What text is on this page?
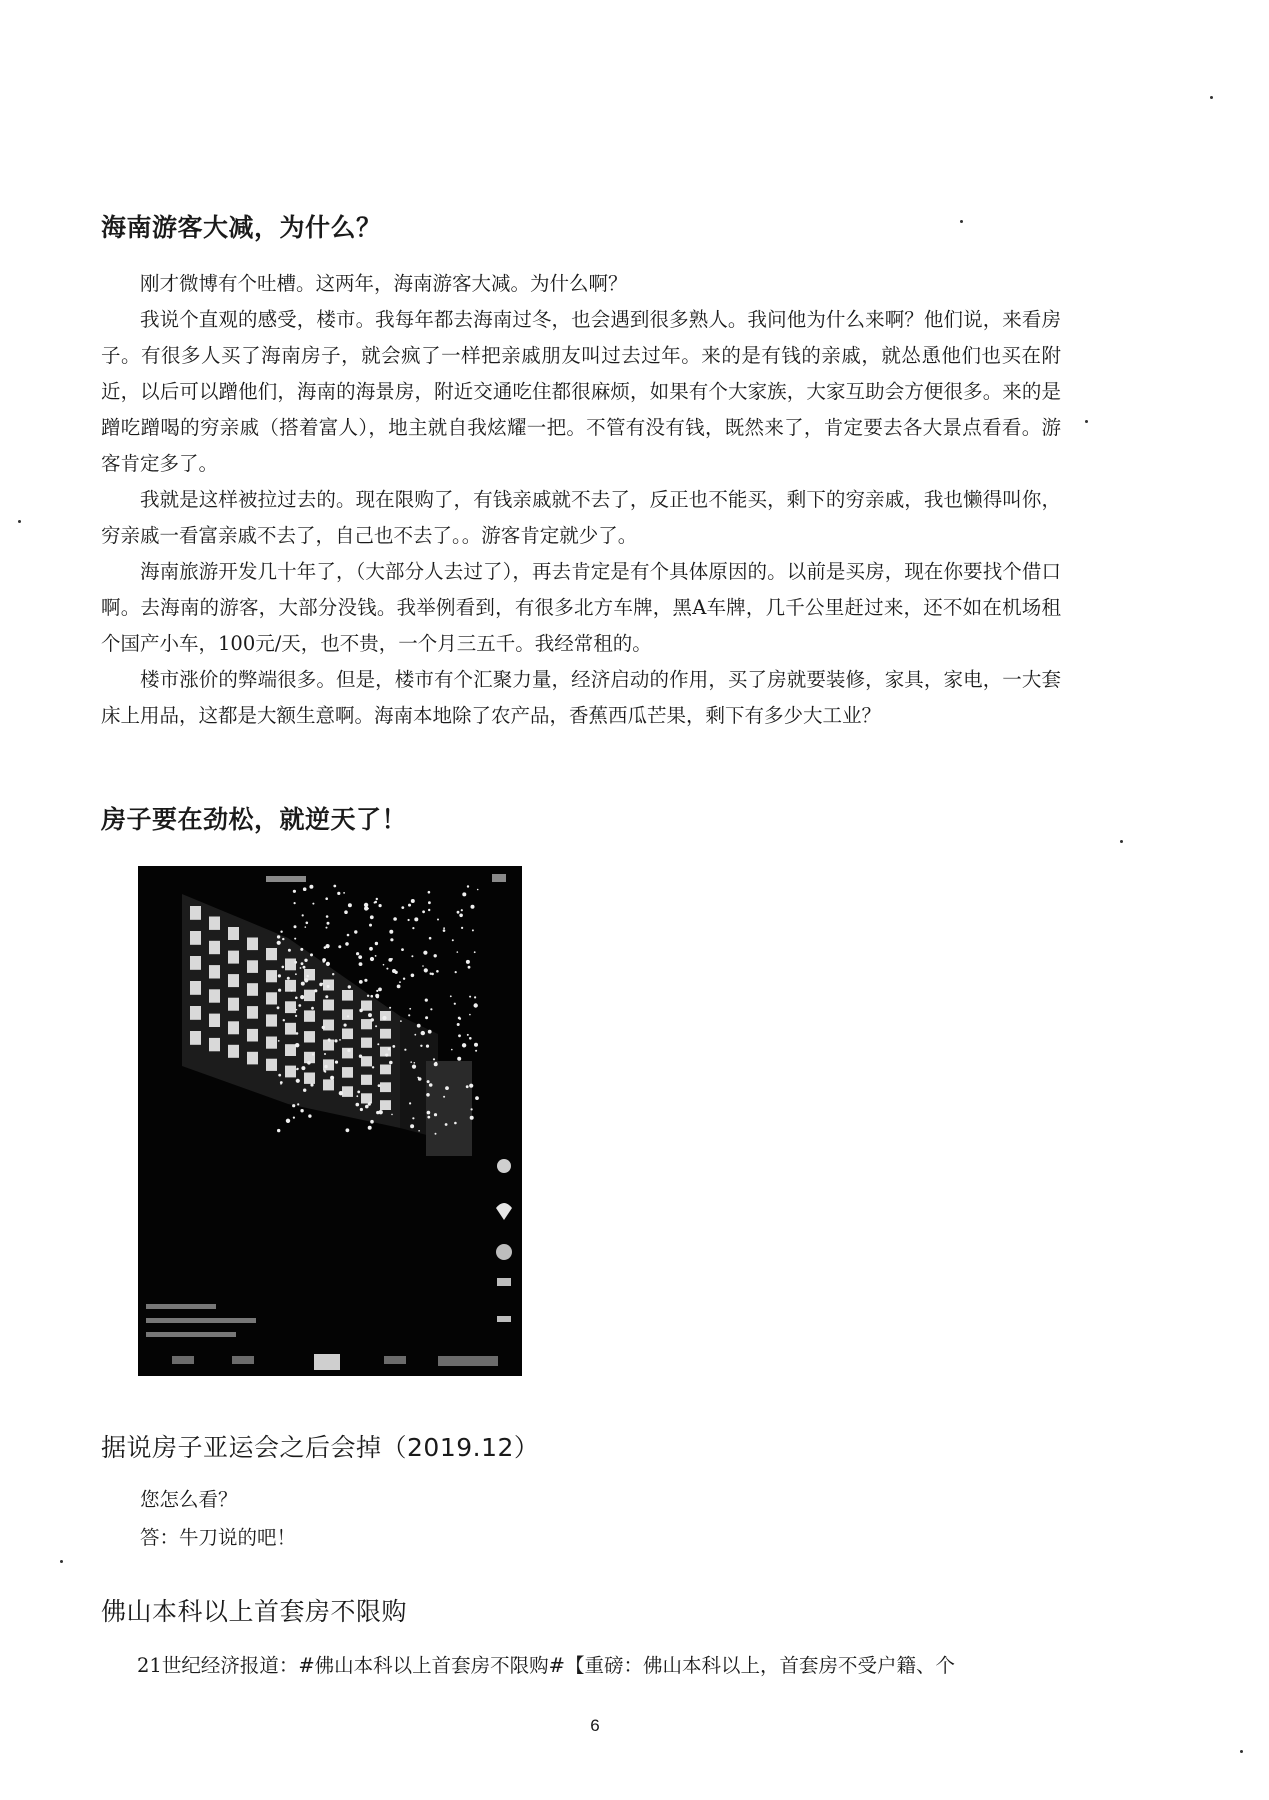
海南游客大减，为什么？

刚才微博有个吐槽。这两年，海南游客大减。为什么啊？

我说个直观的感受，楼市。我每年都去海南过冬，也会遇到很多熟人。我问他为什么来啊？他们说，来看房子。有很多人买了海南房子，就会疯了一样把亲戚朋友叫过去过年。来的是有钱的亲戚，就怂恿他们也买在附近，以后可以蹭他们，海南的海景房，附近交通吃住都很麻烦，如果有个大家族，大家互助会方便很多。来的是蹭吃蹭喝的穷亲戚（搭着富人），地主就自我炫耀一把。不管有没有钱，既然来了，肯定要去各大景点看看。游客肯定多了。

我就是这样被拉过去的。现在限购了，有钱亲戚就不去了，反正也不能买，剩下的穷亲戚，我也懒得叫你，穷亲戚一看富亲戚不去了，自己也不去了。。游客肯定就少了。

海南旅游开发几十年了，（大部分人去过了），再去肯定是有个具体原因的。以前是买房，现在你要找个借口啊。去海南的游客，大部分没钱。我举例看到，有很多北方车牌，黑A车牌，几千公里赶过来，还不如在机场租个国产小车，100元/天，也不贵，一个月三五千。我经常租的。

楼市涨价的弊端很多。但是，楼市有个汇聚力量，经济启动的作用，买了房就要装修，家具，家电，一大套床上用品，这都是大额生意啊。海南本地除了农产品，香蕉西瓜芒果，剩下有多少大工业？

房子要在劲松，就逆天了！
据说房子亚运会之后会掉（2019.12）

您怎么看？

答：牛刀说的吧！

佛山本科以上首套房不限购

21世纪经济报道：#佛山本科以上首套房不限购#【重磅：佛山本科以上，首套房不受户籍、个

6
